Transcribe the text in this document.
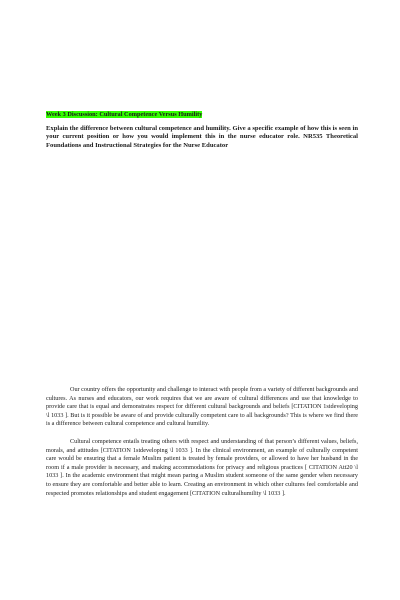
Week 3 Discussion: Cultural Competence Versus Humility

Explain the difference between cultural competence and humility. Give a specific example of how this is seen in your current position or how you would implement this in the nurse educator role. NR535 Theoretical Foundations and Instructional Strategies for the Nurse Educator

Our country offers the opportunity and challenge to interact with people from a variety of different backgrounds and cultures. As nurses and educators, our work requires that we are aware of cultural differences and use that knowledge to provide care that is equal and demonstrates respect for different cultural backgrounds and beliefs [CITATION 1stdeveloping \l 1033 ]. But is it possible be aware of and provide culturally competent care to all backgrounds? This is where we find there is a difference between cultural competence and cultural humility.

Cultural competence entails treating others with respect and understanding of that person’s different values, beliefs, morals, and attitudes [CITATION 1stdeveloping \l 1033 ]. In the clinical environment, an example of culturally competent care would be ensuring that a female Muslim patient is treated by female providers, or allowed to have her husband in the room if a male provider is necessary, and making accommodations for privacy and religious practices [ CITATION Att20 \l 1033 ]. In the academic environment that might mean paring a Muslim student someone of the same gender when necessary to ensure they are comfortable and better able to learn. Creating an environment in which other cultures feel comfortable and respected promotes relationships and student engagement [CITATION culturalhumility \l 1033 ].
